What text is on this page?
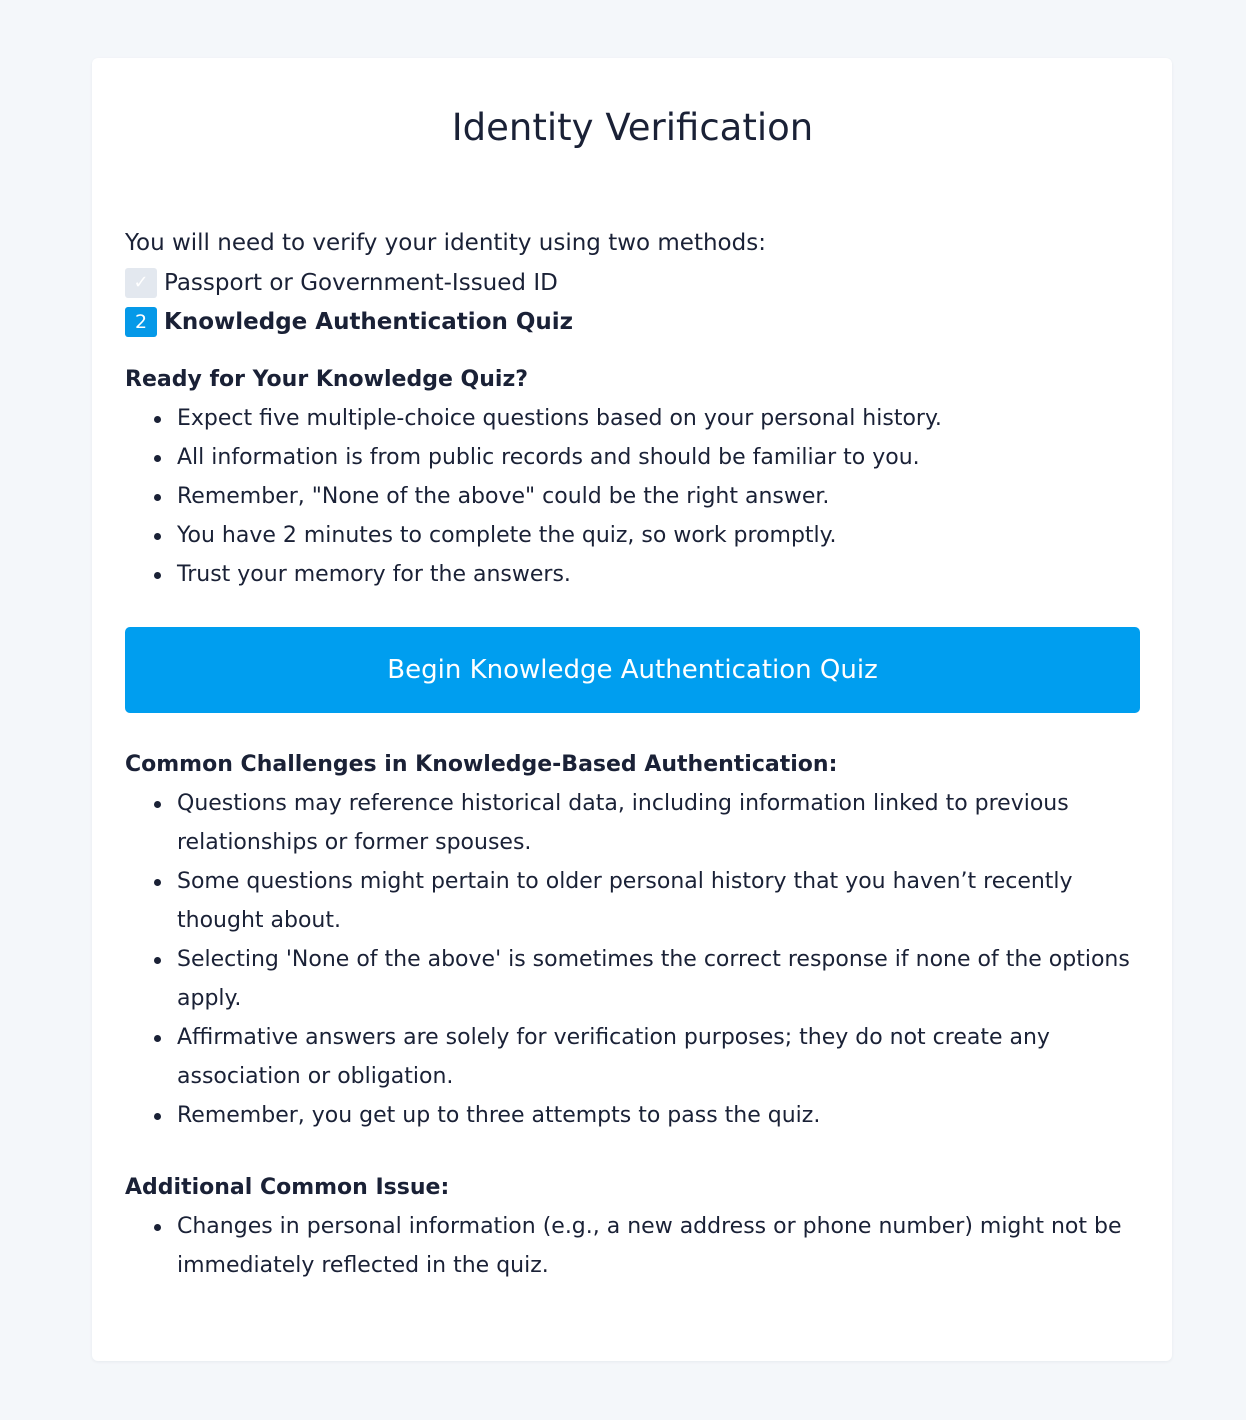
Identity Verification
You will need to verify your identity using two methods:
✓ Passport or Government-Issued ID
2 Knowledge Authentication Quiz
Ready for Your Knowledge Quiz?
Expect five multiple-choice questions based on your personal history.
All information is from public records and should be familiar to you.
Remember, "None of the above" could be the right answer.
You have 2 minutes to complete the quiz, so work promptly.
Trust your memory for the answers.
Begin Knowledge Authentication Quiz
Common Challenges in Knowledge-Based Authentication:
Questions may reference historical data, including information linked to previous relationships or former spouses.
Some questions might pertain to older personal history that you haven’t recently thought about.
Selecting 'None of the above' is sometimes the correct response if none of the options apply.
Affirmative answers are solely for verification purposes; they do not create any association or obligation.
Remember, you get up to three attempts to pass the quiz.
Additional Common Issue:
Changes in personal information (e.g., a new address or phone number) might not be immediately reflected in the quiz.
